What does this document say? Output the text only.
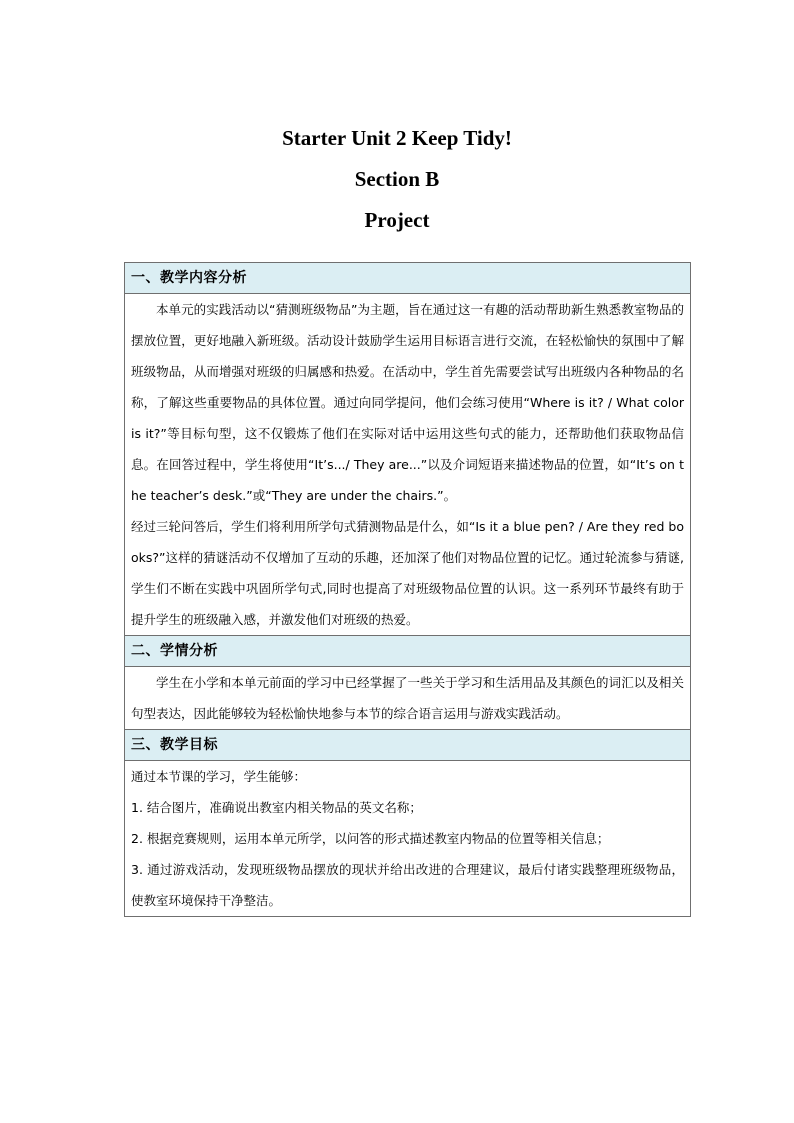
Starter Unit 2 Keep Tidy!
Section B
Project
一、教学内容分析

本单元的实践活动以“猜测班级物品”为主题，旨在通过这一有趣的活动帮助新生熟悉教室物品的摆放位置，更好地融入新班级。活动设计鼓励学生运用目标语言进行交流，在轻松愉快的氛围中了解班级物品，从而增强对班级的归属感和热爱。在活动中，学生首先需要尝试写出班级内各种物品的名称，了解这些重要物品的具体位置。通过向同学提问，他们会练习使用“Where is it? / What color is it?”等目标句型，这不仅锻炼了他们在实际对话中运用这些句式的能力，还帮助他们获取物品信息。在回答过程中，学生将使用“It’s.../ They are...”以及介词短语来描述物品的位置，如“It’s on the teacher’s desk.”或“They are under the chairs.”。

经过三轮问答后，学生们将利用所学句式猜测物品是什么，如“Is it a blue pen? / Are they red books?”这样的猜谜活动不仅增加了互动的乐趣，还加深了他们对物品位置的记忆。通过轮流参与猜谜,学生们不断在实践中巩固所学句式,同时也提高了对班级物品位置的认识。这一系列环节最终有助于提升学生的班级融入感，并激发他们对班级的热爱。

二、学情分析

学生在小学和本单元前面的学习中已经掌握了一些关于学习和生活用品及其颜色的词汇以及相关句型表达，因此能够较为轻松愉快地参与本节的综合语言运用与游戏实践活动。

三、教学目标

通过本节课的学习，学生能够：

1. 结合图片，准确说出教室内相关物品的英文名称；

2. 根据竞赛规则，运用本单元所学，以问答的形式描述教室内物品的位置等相关信息；

3. 通过游戏活动，发现班级物品摆放的现状并给出改进的合理建议，最后付诸实践整理班级物品，使教室环境保持干净整洁。
